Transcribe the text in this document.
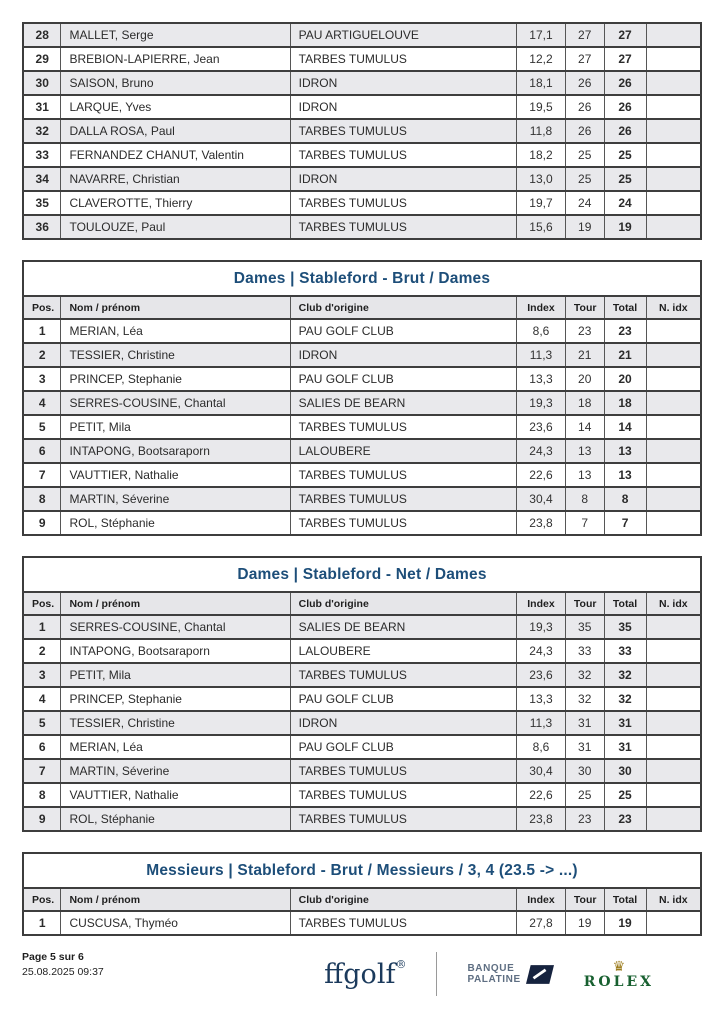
28	MALLET, Serge	PAU ARTIGUELOUVE	17,1	27	27	
29	BREBION-LAPIERRE, Jean	TARBES TUMULUS	12,2	27	27	
30	SAISON, Bruno	IDRON	18,1	26	26	
31	LARQUE, Yves	IDRON	19,5	26	26	
32	DALLA ROSA, Paul	TARBES TUMULUS	11,8	26	26	
33	FERNANDEZ CHANUT, Valentin	TARBES TUMULUS	18,2	25	25	
34	NAVARRE, Christian	IDRON	13,0	25	25	
35	CLAVEROTTE, Thierry	TARBES TUMULUS	19,7	24	24	
36	TOULOUZE, Paul	TARBES TUMULUS	15,6	19	19	
Dames | Stableford - Brut / Dames
Pos.	Nom / prénom	Club d'origine	Index	Tour	Total	N. idx
1	MERIAN, Léa	PAU GOLF CLUB	8,6	23	23	
2	TESSIER, Christine	IDRON	11,3	21	21	
3	PRINCEP, Stephanie	PAU GOLF CLUB	13,3	20	20	
4	SERRES-COUSINE, Chantal	SALIES DE BEARN	19,3	18	18	
5	PETIT, Mila	TARBES TUMULUS	23,6	14	14	
6	INTAPONG, Bootsaraporn	LALOUBERE	24,3	13	13	
7	VAUTTIER, Nathalie	TARBES TUMULUS	22,6	13	13	
8	MARTIN, Séverine	TARBES TUMULUS	30,4	8	8	
9	ROL, Stéphanie	TARBES TUMULUS	23,8	7	7	
Dames | Stableford - Net / Dames
Pos.	Nom / prénom	Club d'origine	Index	Tour	Total	N. idx
1	SERRES-COUSINE, Chantal	SALIES DE BEARN	19,3	35	35	
2	INTAPONG, Bootsaraporn	LALOUBERE	24,3	33	33	
3	PETIT, Mila	TARBES TUMULUS	23,6	32	32	
4	PRINCEP, Stephanie	PAU GOLF CLUB	13,3	32	32	
5	TESSIER, Christine	IDRON	11,3	31	31	
6	MERIAN, Léa	PAU GOLF CLUB	8,6	31	31	
7	MARTIN, Séverine	TARBES TUMULUS	30,4	30	30	
8	VAUTTIER, Nathalie	TARBES TUMULUS	22,6	25	25	
9	ROL, Stéphanie	TARBES TUMULUS	23,8	23	23	
Messieurs | Stableford - Brut / Messieurs / 3, 4 (23.5 -> ...)
Pos.	Nom / prénom	Club d'origine	Index	Tour	Total	N. idx
1	CUSCUSA, Thyméo	TARBES TUMULUS	27,8	19	19	
Page 5 sur 6
25.08.2025 09:37	ffgolf®	BANQUE
PALATINE
♛
ROLEX
